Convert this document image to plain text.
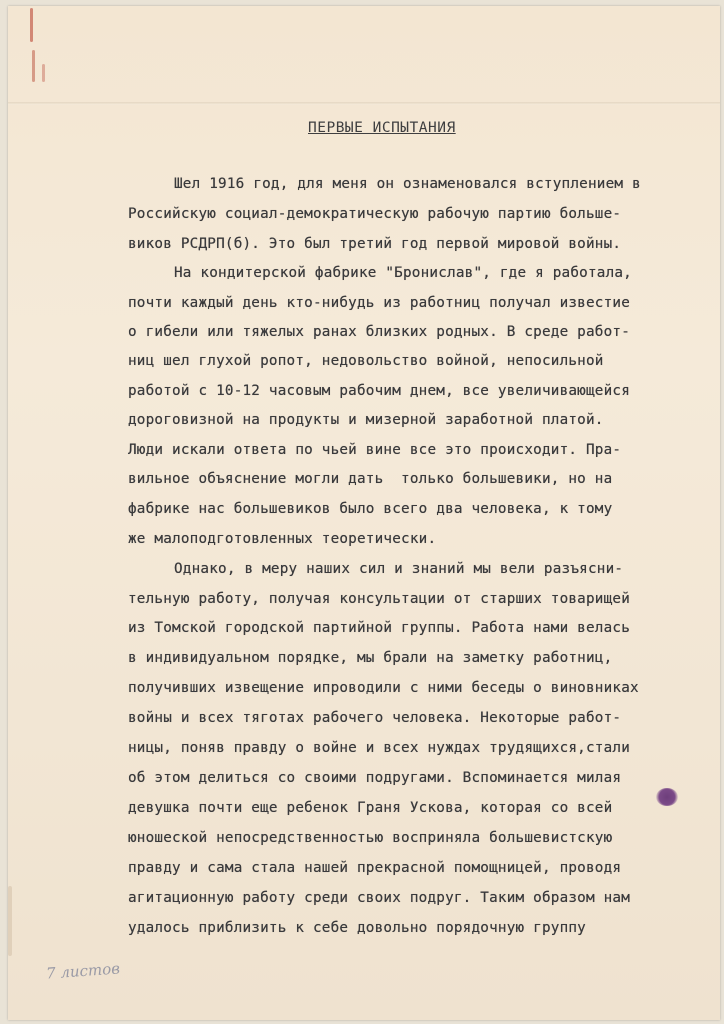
ПЕРВЫЕ ИСПЫТАНИЯ
Шел 1916 год, для меня он ознаменовался вступлением в
Российскую социал-демократическую рабочую партию больше-
виков РСДРП(б). Это был третий год первой мировой войны.
На кондитерской фабрике "Бронислав", где я работала,
почти каждый день кто-нибудь из работниц получал известие
о гибели или тяжелых ранах близких родных. В среде работ-
ниц шел глухой ропот, недовольство войной, непосильной
работой с 10-12 часовым рабочим днем, все увеличивающейся
дороговизной на продукты и мизерной заработной платой.
Люди искали ответа по чьей вине все это происходит. Пра-
вильное объяснение могли дать  только большевики, но на
фабрике нас большевиков было всего два человека, к тому
же малоподготовленных теоретически.
Однако, в меру наших сил и знаний мы вели разъясни-
тельную работу, получая консультации от старших товарищей
из Томской городской партийной группы. Работа нами велась
в индивидуальном порядке, мы брали на заметку работниц,
получивших извещение ипроводили с ними беседы о виновниках
войны и всех тяготах рабочего человека. Некоторые работ-
ницы, поняв правду о войне и всех нуждах трудящихся,стали
об этом делиться со своими подругами. Вспоминается милая
девушка почти еще ребенок Граня Ускова, которая со всей
юношеской непосредственностью восприняла большевистскую
правду и сама стала нашей прекрасной помощницей, проводя
агитационную работу среди своих подруг. Таким образом нам
удалось приблизить к себе довольно порядочную группу
7 листов
